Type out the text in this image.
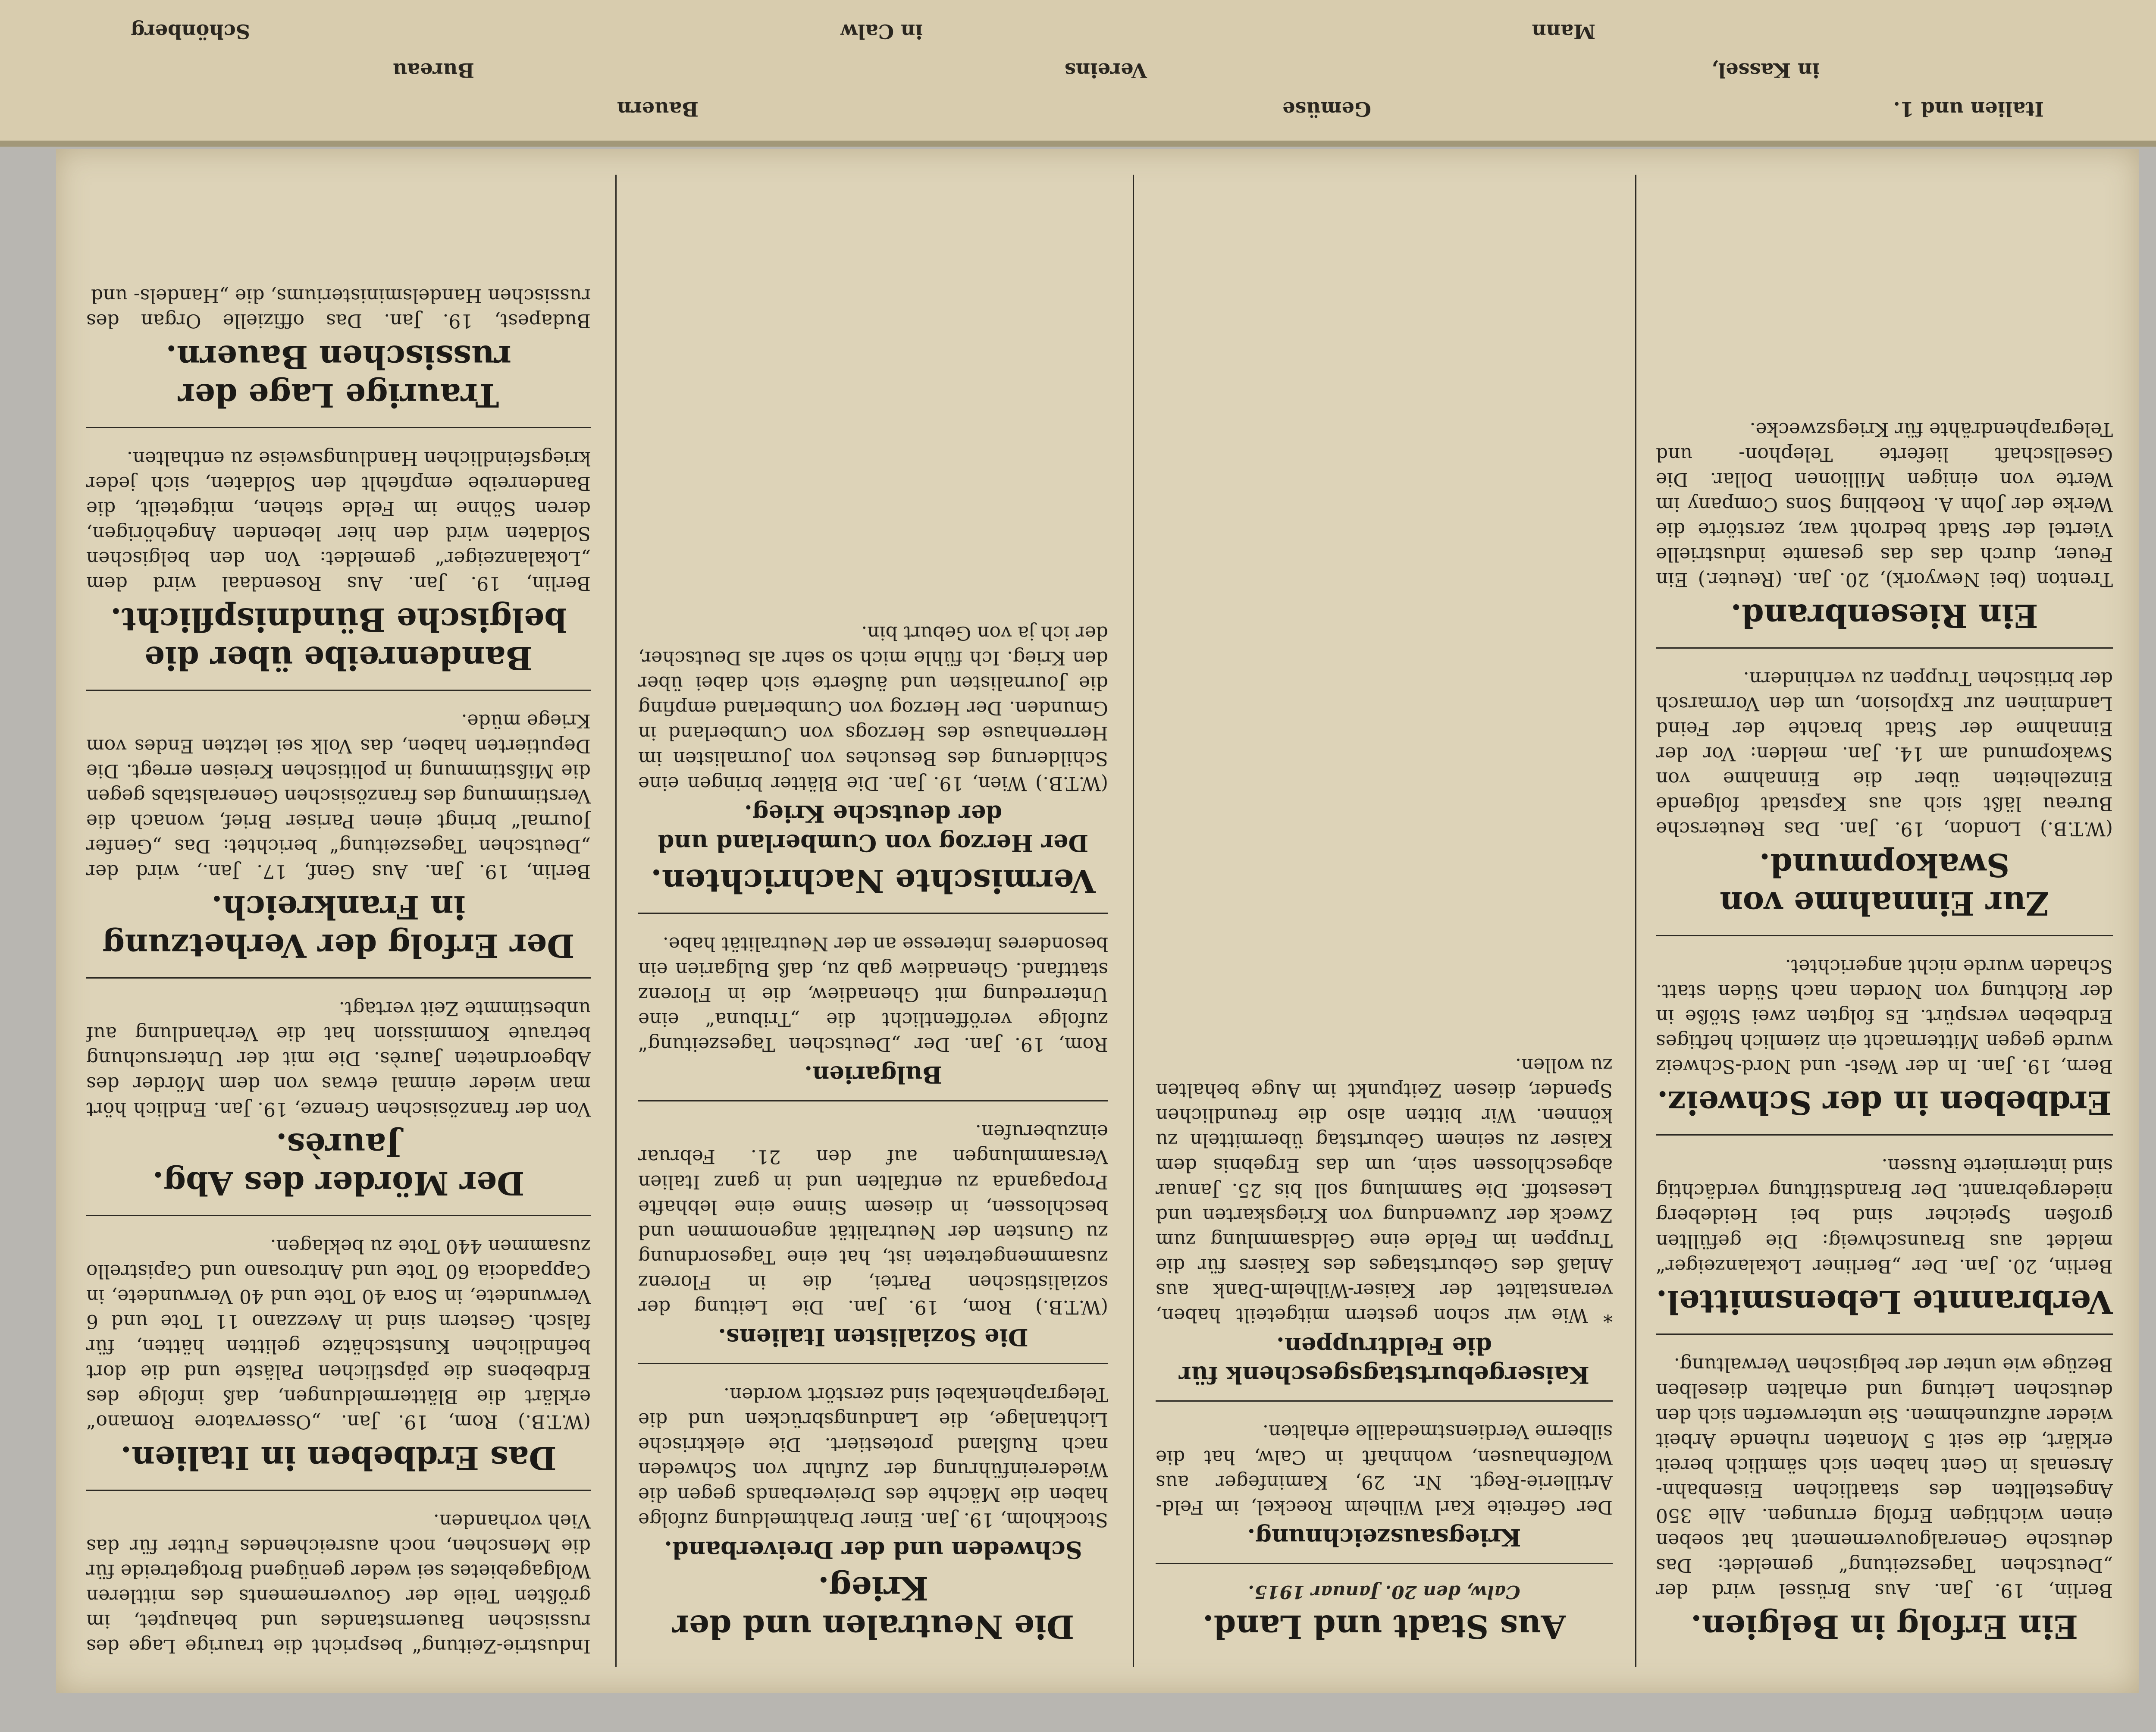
Italien und 1.
in Kassel,
Mann
Gemüse
Vereins
in Calw
Bauern
Bureau
Schönberg
Ein Erfolg in Belgien.

Berlin, 19. Jan. Aus Brüssel wird der „Deutschen Tageszeitung“ gemeldet: Das deutsche Generalgouvernement hat soeben einen wichtigen Erfolg errungen. Alle 350 Angestellten des staatlichen Eisenbahn-Arsenals in Gent haben sich sämtlich bereit erklärt, die seit 5 Monaten ruhende Arbeit wieder aufzunehmen. Sie unterwerfen sich den deutschen Leitung und erhalten dieselben Bezüge wie unter der belgischen Verwaltung.

Verbrannte Lebensmittel.

Berlin, 20. Jan. Der „Berliner Lokalanzeiger“ meldet aus Braunschweig: Die gefüllten großen Speicher sind bei Heideberg niedergebrannt. Der Brandstiftung verdächtig sind internierte Russen.

Erdbeben in der Schweiz.

Bern, 19. Jan. In der West- und Nord-Schweiz wurde gegen Mitternacht ein ziemlich heftiges Erdbeben verspürt. Es folgten zwei Stöße in der Richtung von Norden nach Süden statt. Schaden wurde nicht angerichtet.

Zur Einnahme von Swakopmund.

(W.T.B.) London, 19. Jan. Das Reutersche Bureau läßt sich aus Kapstadt folgende Einzelheiten über die Einnahme von Swakopmund am 14. Jan. melden: Vor der Einnahme der Stadt brachte der Feind Landminen zur Explosion, um den Vormarsch der britischen Truppen zu verhindern.

Ein Riesenbrand.

Trenton (bei Newyork), 20. Jan. (Reuter.) Ein Feuer, durch das das gesamte industrielle Viertel der Stadt bedroht war, zerstörte die Werke der John A. Roebling Sons Company im Werte von einigen Millionen Dollar. Die Gesellschaft lieferte Telephon- und Telegraphendrähte für Kriegszwecke.

Aus Stadt und Land.
Calw, den 20. Januar 1915.
Kriegsauszeichnung.

Der Gefreite Karl Wilhelm Roeckel, im Feld-Artillerie-Regt. Nr. 29, Kaminfeger aus Wolfenhausen, wohnhaft in Calw, hat die silberne Verdienstmedaille erhalten.

Kaisergeburtstagsgeschenk für die Feldtruppen.

* Wie wir schon gestern mitgeteilt haben, veranstaltet der Kaiser-Wilhelm-Dank aus Anlaß des Geburtstages des Kaisers für die Truppen im Felde eine Geldsammlung zum Zweck der Zuwendung von Kriegskarten und Lesestoff. Die Sammlung soll bis 25. Januar abgeschlossen sein, um das Ergebnis dem Kaiser zu seinem Geburtstag übermitteln zu können. Wir bitten also die freundlichen Spender, diesen Zeitpunkt im Auge behalten zu wollen.

Die Neutralen und der Krieg.
Schweden und der Dreiverband.

Stockholm, 19. Jan. Einer Drahtmeldung zufolge haben die Mächte des Dreiverbands gegen die Wiedereinführung der Zufuhr von Schweden nach Rußland protestiert. Die elektrische Lichtanlage, die Landungsbrücken und die Telegraphenkabel sind zerstört worden.

Die Sozialisten Italiens.

(W.T.B.) Rom, 19. Jan. Die Leitung der sozialistischen Partei, die in Florenz zusammengetreten ist, hat eine Tagesordnung zu Gunsten der Neutralität angenommen und beschlossen, in diesem Sinne eine lebhafte Propaganda zu entfalten und in ganz Italien Versammlungen auf den 21. Februar einzuberufen.

Bulgarien.

Rom, 19. Jan. Der „Deutschen Tageszeitung“ zufolge veröffentlicht die „Tribuna“ eine Unterredung mit Ghenadiew, die in Florenz stattfand. Ghenadiew gab zu, daß Bulgarien ein besonderes Interesse an der Neutralität habe.

Vermischte Nachrichten.
Der Herzog von Cumberland und der deutsche Krieg.

(W.T.B.) Wien, 19. Jan. Die Blätter bringen eine Schilderung des Besuches von Journalisten im Herrenhause des Herzogs von Cumberland in Gmunden. Der Herzog von Cumberland empfing die Journalisten und äußerte sich dabei über den Krieg. Ich fühle mich so sehr als Deutscher, der ich ja von Geburt bin.

Industrie-Zeitung“ bespricht die traurige Lage des russischen Bauernstandes und behauptet, im größten Teile der Gouvernements des mittleren Wolgagebietes sei weder genügend Brotgetreide für die Menschen, noch ausreichendes Futter für das Vieh vorhanden.

Das Erdbeben in Italien.

(W.T.B.) Rom, 19. Jan. „Osservatore Romano“ erklärt die Blättermeldungen, daß infolge des Erdbebens die päpstlichen Paläste und die dort befindlichen Kunstschätze gelitten hätten, für falsch. Gestern sind in Avezzano 11 Tote und 6 Verwundete, in Sora 40 Tote und 40 Verwundete, in Cappadocia 60 Tote und Antrosano und Capistrello zusammen 440 Tote zu beklagen.

Der Mörder des Abg. Jaurès.

Von der französischen Grenze, 19. Jan. Endlich hört man wieder einmal etwas von dem Mörder des Abgeordneten Jaurès. Die mit der Untersuchung betraute Kommission hat die Verhandlung auf unbestimmte Zeit vertagt.

Der Erfolg der Verhetzung in Frankreich.

Berlin, 19. Jan. Aus Genf, 17. Jan., wird der „Deutschen Tageszeitung“ berichtet: Das „Genfer Journal“ bringt einen Pariser Brief, wonach die Verstimmung des französischen Generalstabs gegen die Mißstimmung in politischen Kreisen erregt. Die Deputierten haben, das Volk sei letzten Endes vom Kriege müde.

Bandenreibe über die belgische Bündnispflicht.

Berlin, 19. Jan. Aus Rosendaal wird dem „Lokalanzeiger“ gemeldet: Von den belgischen Soldaten wird den hier lebenden Angehörigen, deren Söhne im Felde stehen, mitgeteilt, die Bandenreibe empfiehlt den Soldaten, sich jeder kriegsfeindlichen Handlungsweise zu enthalten.

Traurige Lage der russischen Bauern.

Budapest, 19. Jan. Das offizielle Organ des russischen Handelsministeriums, die „Handels- und
